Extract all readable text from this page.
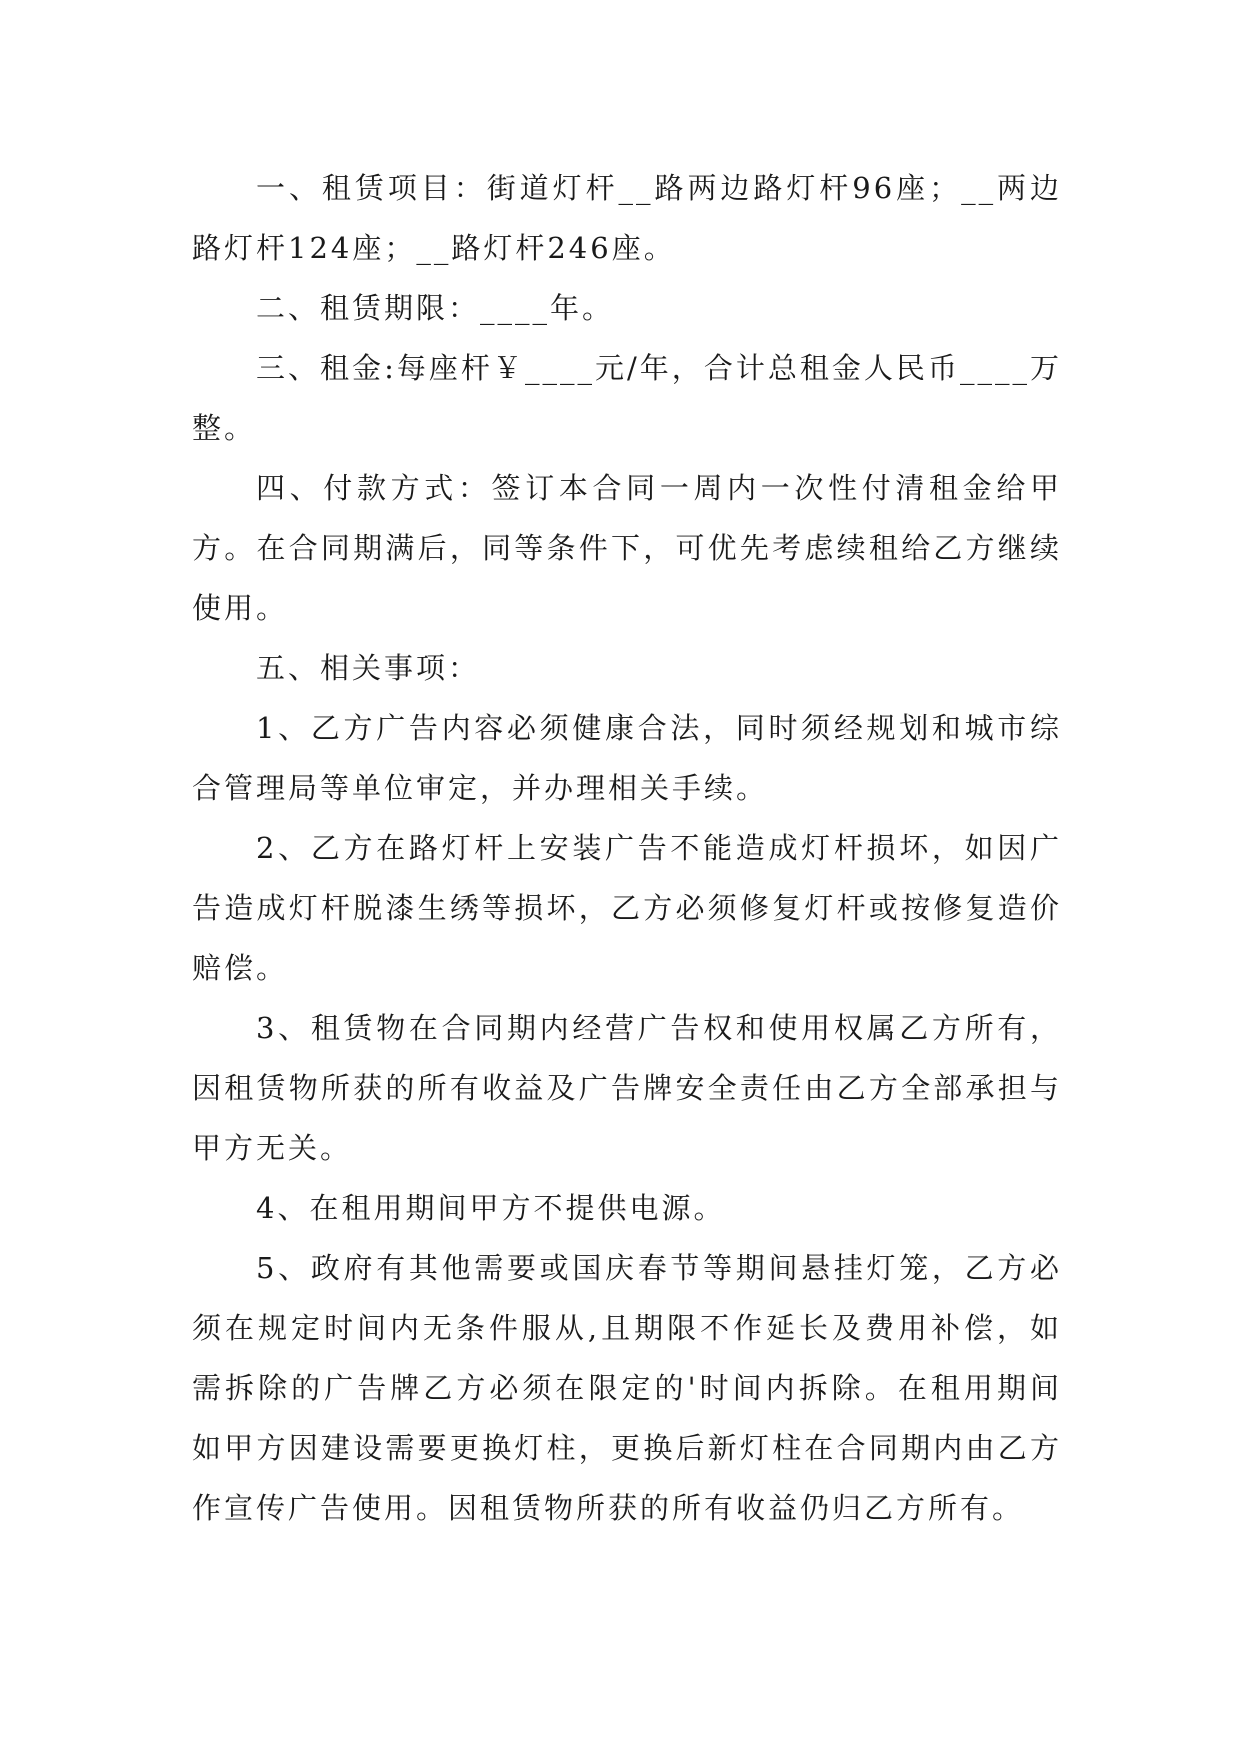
一、租赁项目：街道灯杆__路两边路灯杆96座；__两边路灯杆124座；__路灯杆246座。

二、租赁期限：____年。

三、租金:每座杆￥____元/年，合计总租金人民币____万整。

四、付款方式：签订本合同一周内一次性付清租金给甲方。在合同期满后，同等条件下，可优先考虑续租给乙方继续使用。

五、相关事项：

1、乙方广告内容必须健康合法，同时须经规划和城市综合管理局等单位审定，并办理相关手续。

2、乙方在路灯杆上安装广告不能造成灯杆损坏，如因广告造成灯杆脱漆生绣等损坏，乙方必须修复灯杆或按修复造价赔偿。

3、租赁物在合同期内经营广告权和使用权属乙方所有，因租赁物所获的所有收益及广告牌安全责任由乙方全部承担与甲方无关。

4、在租用期间甲方不提供电源。

5、政府有其他需要或国庆春节等期间悬挂灯笼，乙方必须在规定时间内无条件服从,且期限不作延长及费用补偿，如需拆除的广告牌乙方必须在限定的'时间内拆除。在租用期间如甲方因建设需要更换灯柱，更换后新灯柱在合同期内由乙方作宣传广告使用。因租赁物所获的所有收益仍归乙方所有。
